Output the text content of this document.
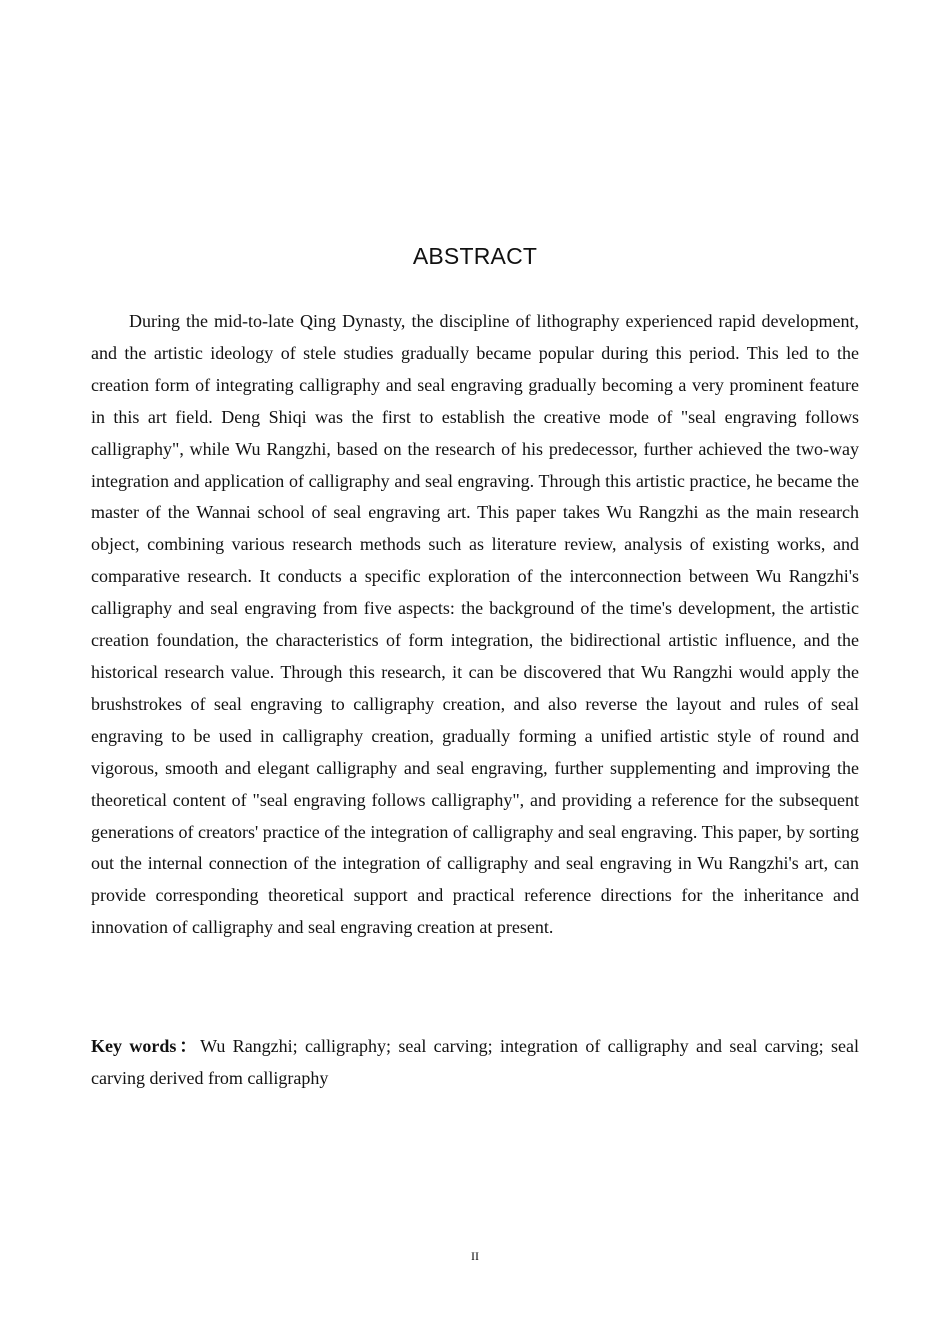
ABSTRACT

During the mid-to-late Qing Dynasty, the discipline of lithography experienced rapid development, and the artistic ideology of stele studies gradually became popular during this period. This led to the creation form of integrating calligraphy and seal engraving gradually becoming a very prominent feature in this art field. Deng Shiqi was the first to establish the creative mode of "seal engraving follows calligraphy", while Wu Rangzhi, based on the research of his predecessor, further achieved the two-way integration and application of calligraphy and seal engraving. Through this artistic practice, he became the master of the Wannai school of seal engraving art. This paper takes Wu Rangzhi as the main research object, combining various research methods such as literature review, analysis of existing works, and comparative research. It conducts a specific exploration of the interconnection between Wu Rangzhi's calligraphy and seal engraving from five aspects: the background of the time's development, the artistic creation foundation, the characteristics of form integration, the bidirectional artistic influence, and the historical research value. Through this research, it can be discovered that Wu Rangzhi would apply the brushstrokes of seal engraving to calligraphy creation, and also reverse the layout and rules of seal engraving to be used in calligraphy creation, gradually forming a unified artistic style of round and vigorous, smooth and elegant calligraphy and seal engraving, further supplementing and improving the theoretical content of "seal engraving follows calligraphy", and providing a reference for the subsequent generations of creators' practice of the integration of calligraphy and seal engraving. This paper, by sorting out the internal connection of the integration of calligraphy and seal engraving in Wu Rangzhi's art, can provide corresponding theoretical support and practical reference directions for the inheritance and innovation of calligraphy and seal engraving creation at present.

Key words：Wu Rangzhi; calligraphy; seal carving; integration of calligraphy and seal carving; seal carving derived from calligraphy

II
